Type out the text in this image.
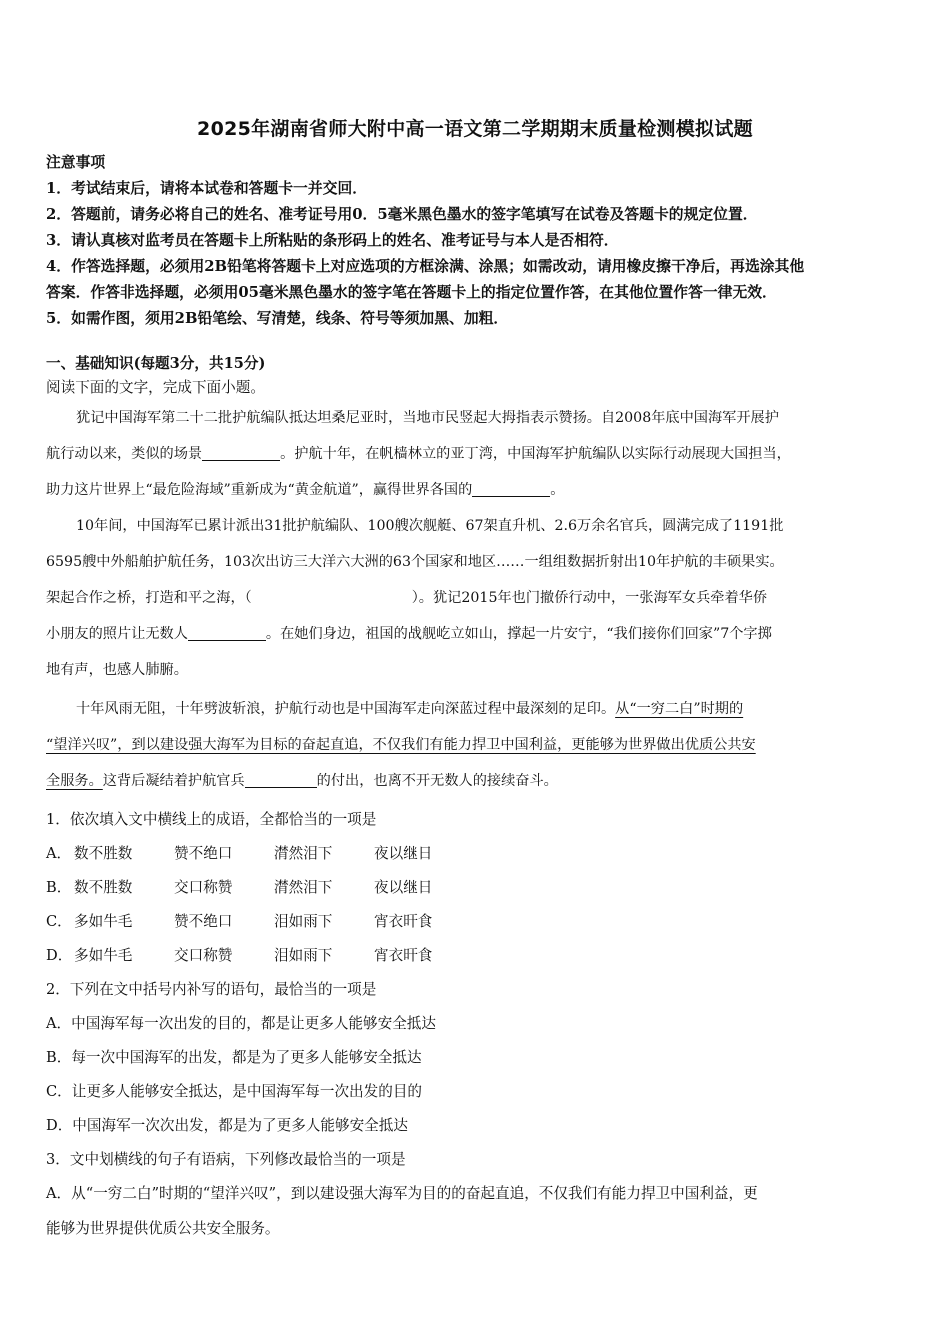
2025年湖南省师大附中高一语文第二学期期末质量检测模拟试题
注意事项
1．考试结束后，请将本试卷和答题卡一并交回．
2．答题前，请务必将自己的姓名、准考证号用0．5毫米黑色墨水的签字笔填写在试卷及答题卡的规定位置．
3．请认真核对监考员在答题卡上所粘贴的条形码上的姓名、准考证号与本人是否相符．
4．作答选择题，必须用2B铅笔将答题卡上对应选项的方框涂满、涂黑；如需改动，请用橡皮擦干净后，再选涂其他
答案．作答非选择题，必须用05毫米黑色墨水的签字笔在答题卡上的指定位置作答，在其他位置作答一律无效．
5．如需作图，须用2B铅笔绘、写清楚，线条、符号等须加黑、加粗．
一、基础知识(每题3分，共15分)
阅读下面的文字，完成下面小题。
犹记中国海军第二十二批护航编队抵达坦桑尼亚时，当地市民竖起大拇指表示赞扬。自2008年底中国海军开展护
航行动以来，类似的场景	。护航十年，在帆樯林立的亚丁湾，中国海军护航编队以实际行动展现大国担当，
助力这片世界上“最危险海域”重新成为“黄金航道”，赢得世界各国的	。
10年间，中国海军已累计派出31批护航编队、100艘次舰艇、67架直升机、2.6万余名官兵，圆满完成了1191批
6595艘中外船舶护航任务，103次出访三大洋六大洲的63个国家和地区……一组组数据折射出10年护航的丰硕果实。
架起合作之桥，打造和平之海，（	）。犹记2015年也门撤侨行动中，一张海军女兵牵着华侨
小朋友的照片让无数人	。在她们身边，祖国的战舰屹立如山，撑起一片安宁，“我们接你们回家”7个字掷
地有声，也感人肺腑。
十年风雨无阻，十年劈波斩浪，护航行动也是中国海军走向深蓝过程中最深刻的足印。从“一穷二白”时期的
“望洋兴叹”，到以建设强大海军为目标的奋起直追，不仅我们有能力捍卫中国利益，更能够为世界做出优质公共安
全服务。这背后凝结着护航官兵	的付出，也离不开无数人的接续奋斗。
1．依次填入文中横线上的成语，全都恰当的一项是
A． 数不胜数	赞不绝口	潸然泪下	夜以继日
B． 数不胜数	交口称赞	潸然泪下	夜以继日
C． 多如牛毛	赞不绝口	泪如雨下	宵衣旰食
D． 多如牛毛	交口称赞	泪如雨下	宵衣旰食
2．下列在文中括号内补写的语句，最恰当的一项是
A．中国海军每一次出发的目的，都是让更多人能够安全抵达
B．每一次中国海军的出发，都是为了更多人能够安全抵达
C．让更多人能够安全抵达，是中国海军每一次出发的目的
D．中国海军一次次出发，都是为了更多人能够安全抵达
3．文中划横线的句子有语病，下列修改最恰当的一项是
A．从“一穷二白”时期的“望洋兴叹”，到以建设强大海军为目的的奋起直追，不仅我们有能力捍卫中国利益，更
能够为世界提供优质公共安全服务。
